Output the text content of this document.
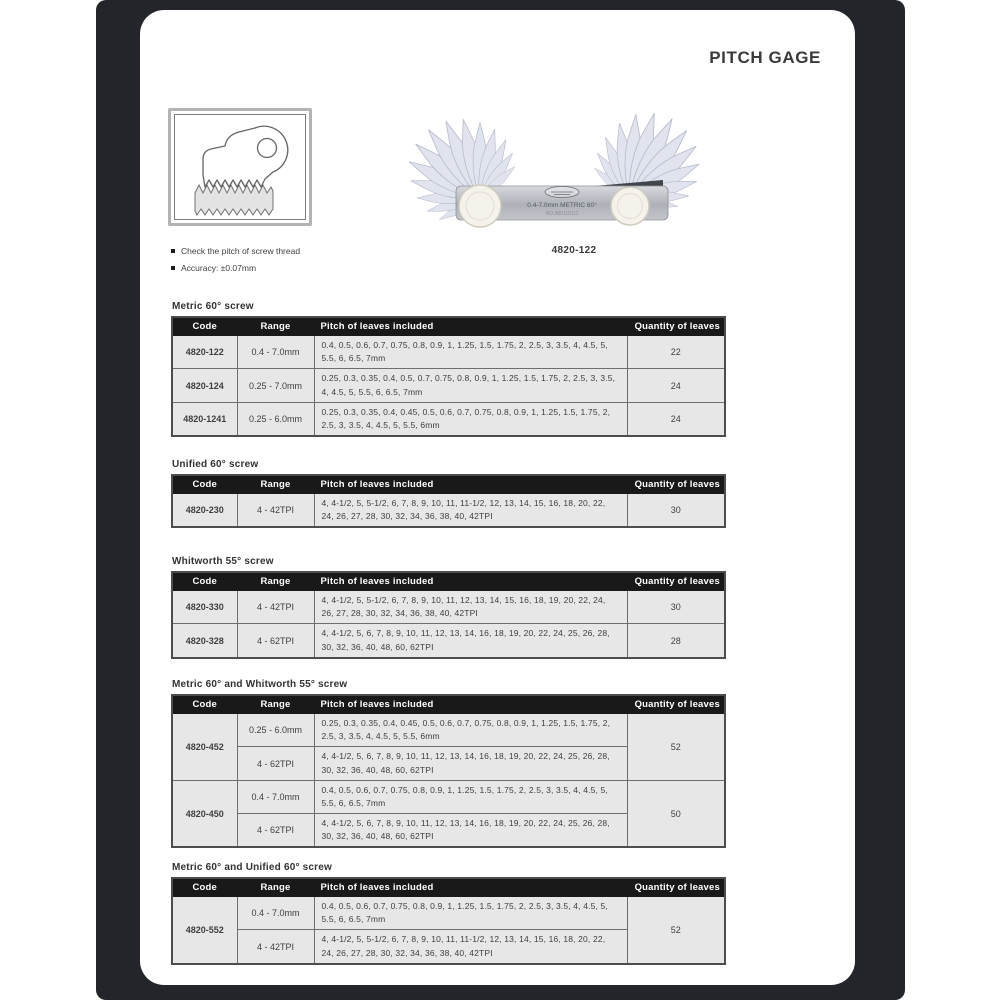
PITCH GAGE
0.4-7.0mm METRIC 60°
NO.380110111
4820-122
Check the pitch of screw thread
Accuracy: ±0.07mm
Metric 60° screw
Code	Range	Pitch of leaves included	Quantity of leaves
4820-122	0.4 - 7.0mm	0.4, 0.5, 0.6, 0.7, 0.75, 0.8, 0.9, 1, 1.25, 1.5, 1.75, 2, 2.5, 3, 3.5, 4, 4.5, 5, 5.5, 6, 6.5, 7mm	22
4820-124	0.25 - 7.0mm	0.25, 0.3, 0.35, 0.4, 0.5, 0.7, 0.75, 0.8, 0.9, 1, 1.25, 1.5, 1.75, 2, 2.5, 3, 3.5, 4, 4.5, 5, 5.5, 6, 6.5, 7mm	24
4820-1241	0.25 - 6.0mm	0.25, 0.3, 0.35, 0.4, 0.45, 0.5, 0.6, 0.7, 0.75, 0.8, 0.9, 1, 1.25, 1.5, 1.75, 2, 2.5, 3, 3.5, 4, 4.5, 5, 5.5, 6mm	24
Unified 60° screw
Code	Range	Pitch of leaves included	Quantity of leaves
4820-230	4 - 42TPI	4, 4-1/2, 5, 5-1/2, 6, 7, 8, 9, 10, 11, 11-1/2, 12, 13, 14, 15, 16, 18, 20, 22, 24, 26, 27, 28, 30, 32, 34, 36, 38, 40, 42TPI	30
Whitworth 55° screw
Code	Range	Pitch of leaves included	Quantity of leaves
4820-330	4 - 42TPI	4, 4-1/2, 5, 5-1/2, 6, 7, 8, 9, 10, 11, 12, 13, 14, 15, 16, 18, 19, 20, 22, 24, 26, 27, 28, 30, 32, 34, 36, 38, 40, 42TPI	30
4820-328	4 - 62TPI	4, 4-1/2, 5, 6, 7, 8, 9, 10, 11, 12, 13, 14, 16, 18, 19, 20, 22, 24, 25, 26, 28, 30, 32, 36, 40, 48, 60, 62TPI	28
Metric 60° and Whitworth 55° screw
Code	Range	Pitch of leaves included	Quantity of leaves
4820-452	0.25 - 6.0mm	0.25, 0.3, 0.35, 0.4, 0.45, 0.5, 0.6, 0.7, 0.75, 0.8, 0.9, 1, 1.25, 1.5, 1.75, 2, 2.5, 3, 3.5, 4, 4.5, 5, 5.5, 6mm	52
	4 - 62TPI	4, 4-1/2, 5, 6, 7, 8, 9, 10, 11, 12, 13, 14, 16, 18, 19, 20, 22, 24, 25, 26, 28, 30, 32, 36, 40, 48, 60, 62TPI	
4820-450	0.4 - 7.0mm	0.4, 0.5, 0.6, 0.7, 0.75, 0.8, 0.9, 1, 1.25, 1.5, 1.75, 2, 2.5, 3, 3.5, 4, 4.5, 5, 5.5, 6, 6.5, 7mm	50
	4 - 62TPI	4, 4-1/2, 5, 6, 7, 8, 9, 10, 11, 12, 13, 14, 16, 18, 19, 20, 22, 24, 25, 26, 28, 30, 32, 36, 40, 48, 60, 62TPI	
Metric 60° and Unified 60° screw
Code	Range	Pitch of leaves included	Quantity of leaves
4820-552	0.4 - 7.0mm	0.4, 0.5, 0.6, 0.7, 0.75, 0.8, 0.9, 1, 1.25, 1.5, 1.75, 2, 2.5, 3, 3.5, 4, 4.5, 5, 5.5, 6, 6.5, 7mm	52
	4 - 42TPI	4, 4-1/2, 5, 5-1/2, 6, 7, 8, 9, 10, 11, 11-1/2, 12, 13, 14, 15, 16, 18, 20, 22, 24, 26, 27, 28, 30, 32, 34, 36, 38, 40, 42TPI	
